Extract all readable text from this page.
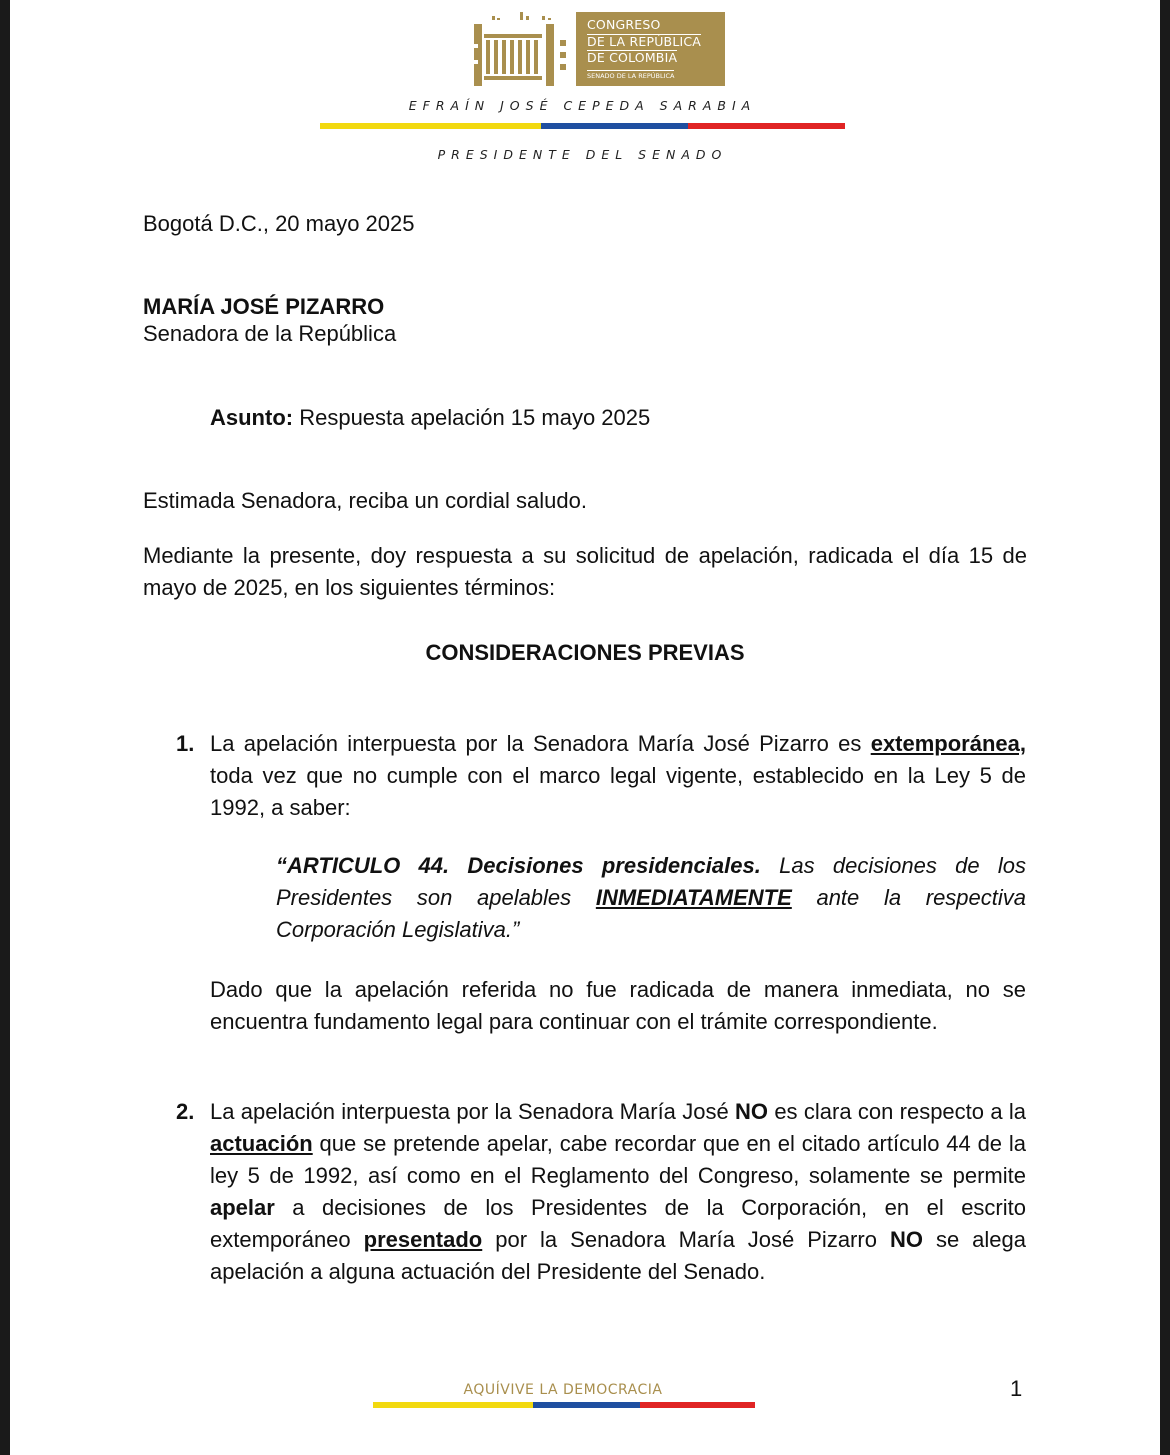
CONGRESO
DE LA REPÚBLICA
DE COLOMBIA
SENADO DE LA REPÚBLICA
EFRAÍN JOSÉ CEPEDA SARABIA
PRESIDENTE DEL SENADO
Bogotá D.C., 20 mayo 2025
MARÍA JOSÉ PIZARRO
Senadora de la República
Asunto: Respuesta apelación 15 mayo 2025
Estimada Senadora, reciba un cordial saludo.
Mediante la presente, doy respuesta a su solicitud de apelación, radicada el día 15 de mayo de 2025, en los siguientes términos:
CONSIDERACIONES PREVIAS
1. La apelación interpuesta por la Senadora María José Pizarro es extemporánea, toda vez que no cumple con el marco legal vigente, establecido en la Ley 5 de 1992, a saber:
“ARTICULO 44. Decisiones presidenciales. Las decisiones de los Presidentes son apelables INMEDIATAMENTE ante la respectiva Corporación Legislativa.”
Dado que la apelación referida no fue radicada de manera inmediata, no se encuentra fundamento legal para continuar con el trámite correspondiente.
2. La apelación interpuesta por la Senadora María José NO es clara con respecto a la actuación que se pretende apelar, cabe recordar que en el citado artículo 44 de la ley 5 de 1992, así como en el Reglamento del Congreso, solamente se permite apelar a decisiones de los Presidentes de la Corporación, en el escrito extemporáneo presentado por la Senadora María José Pizarro NO se alega apelación a alguna actuación del Presidente del Senado.
AQUÍVIVE LA DEMOCRACIA	1
